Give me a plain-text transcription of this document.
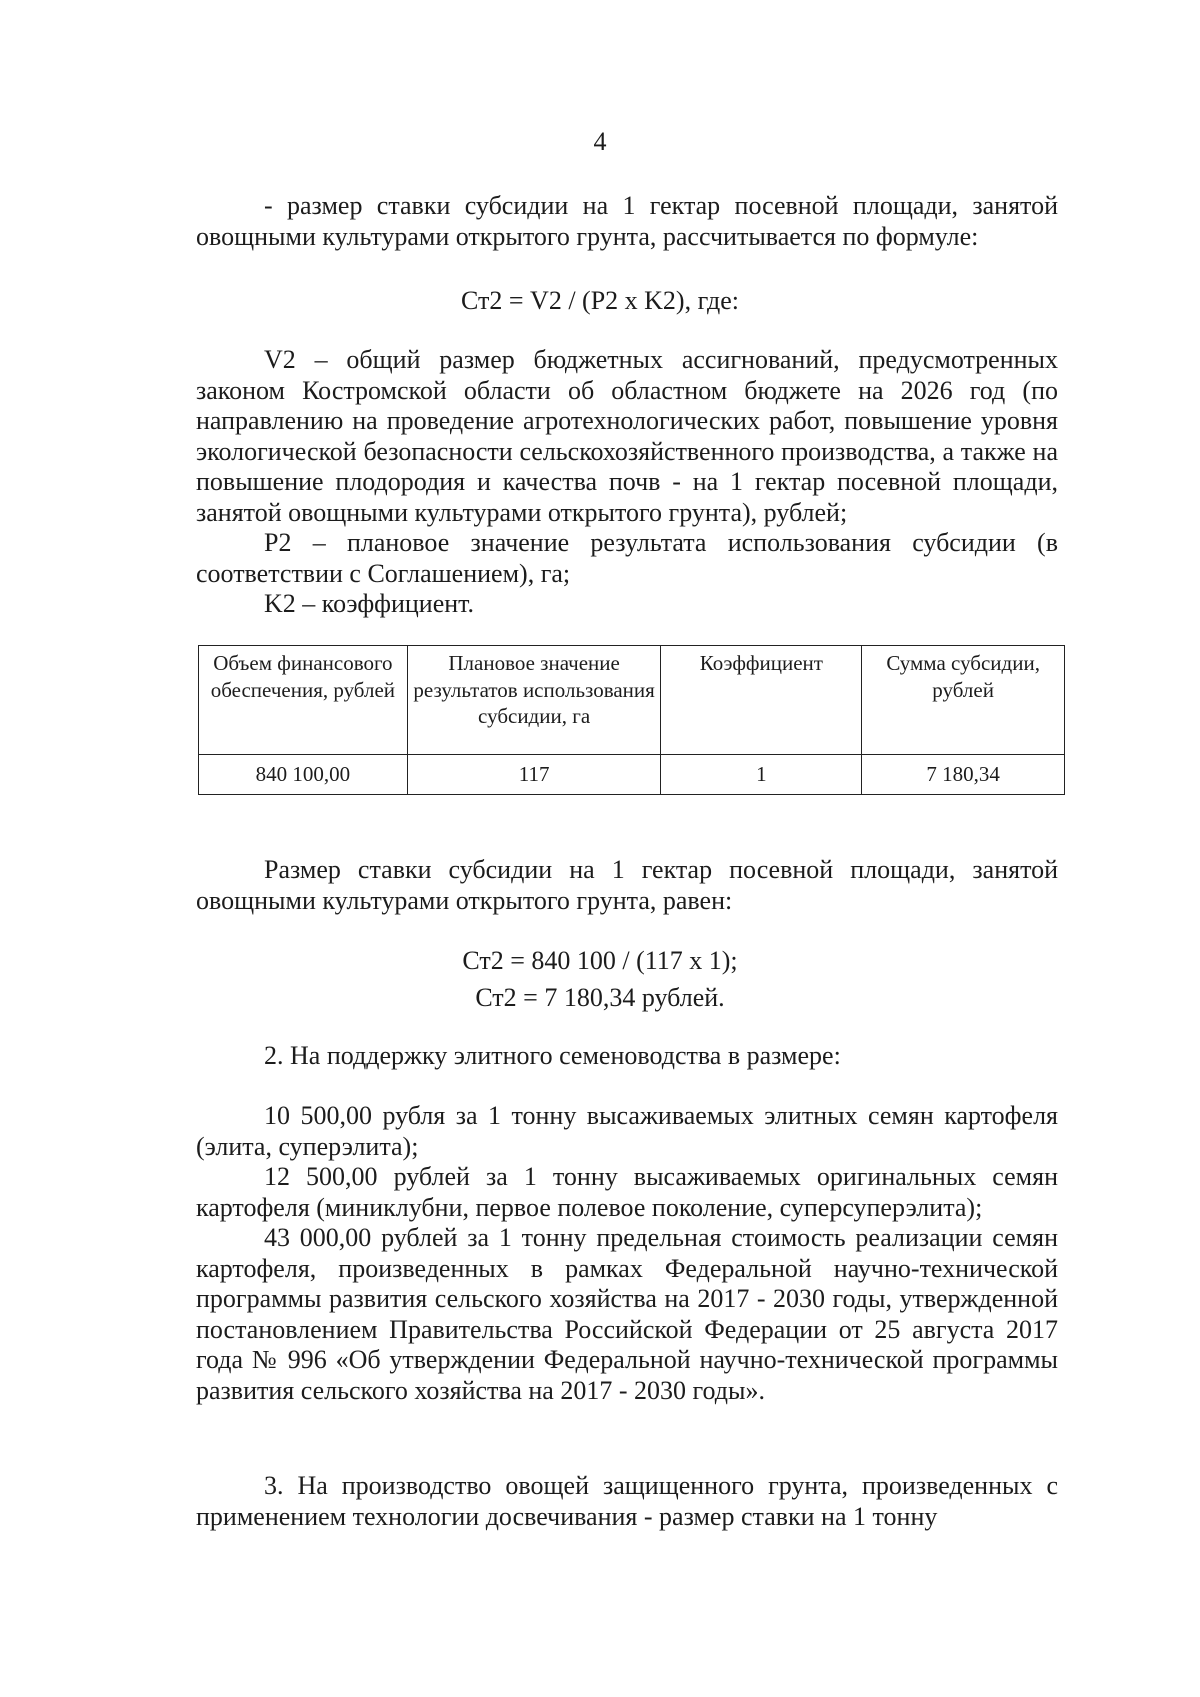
4

- размер ставки субсидии на 1 гектар посевной площади, занятой овощными культурами открытого грунта, рассчитывается по формуле:

Ст2 = V2 / (P2 х K2), где:

V2 – общий размер бюджетных ассигнований, предусмотренных законом Костромской области об областном бюджете на 2026 год (по направлению на проведение агротехнологических работ, повышение уровня экологической безопасности сельскохозяйственного производства, а также на повышение плодородия и качества почв - на 1 гектар посевной площади, занятой овощными культурами открытого грунта), рублей;

P2 – плановое значение результата использования субсидии (в соответствии с Соглашением), га;

K2 – коэффициент.

Объем финансового обеспечения, рублей	Плановое значение результатов использования субсидии, га	Коэффициент	Сумма субсидии, рублей
840 100,00	117	1	7 180,34

Размер ставки субсидии на 1 гектар посевной площади, занятой овощными культурами открытого грунта, равен:

Ст2 = 840 100 / (117 х 1);
Ст2 = 7 180,34 рублей.

2. На поддержку элитного семеноводства в размере:

10 500,00 рубля за 1 тонну высаживаемых элитных семян картофеля (элита, суперэлита);

12 500,00 рублей за 1 тонну высаживаемых оригинальных семян картофеля (миниклубни, первое полевое поколение, суперсуперэлита);

43 000,00 рублей за 1 тонну предельная стоимость реализации семян картофеля, произведенных в рамках Федеральной научно-технической программы развития сельского хозяйства на 2017 - 2030 годы, утвержденной постановлением Правительства Российской Федерации от 25 августа 2017 года № 996 «Об утверждении Федеральной научно-технической программы развития сельского хозяйства на 2017 - 2030 годы».

3. На производство овощей защищенного грунта, произведенных с применением технологии досвечивания - размер ставки на 1 тонну
